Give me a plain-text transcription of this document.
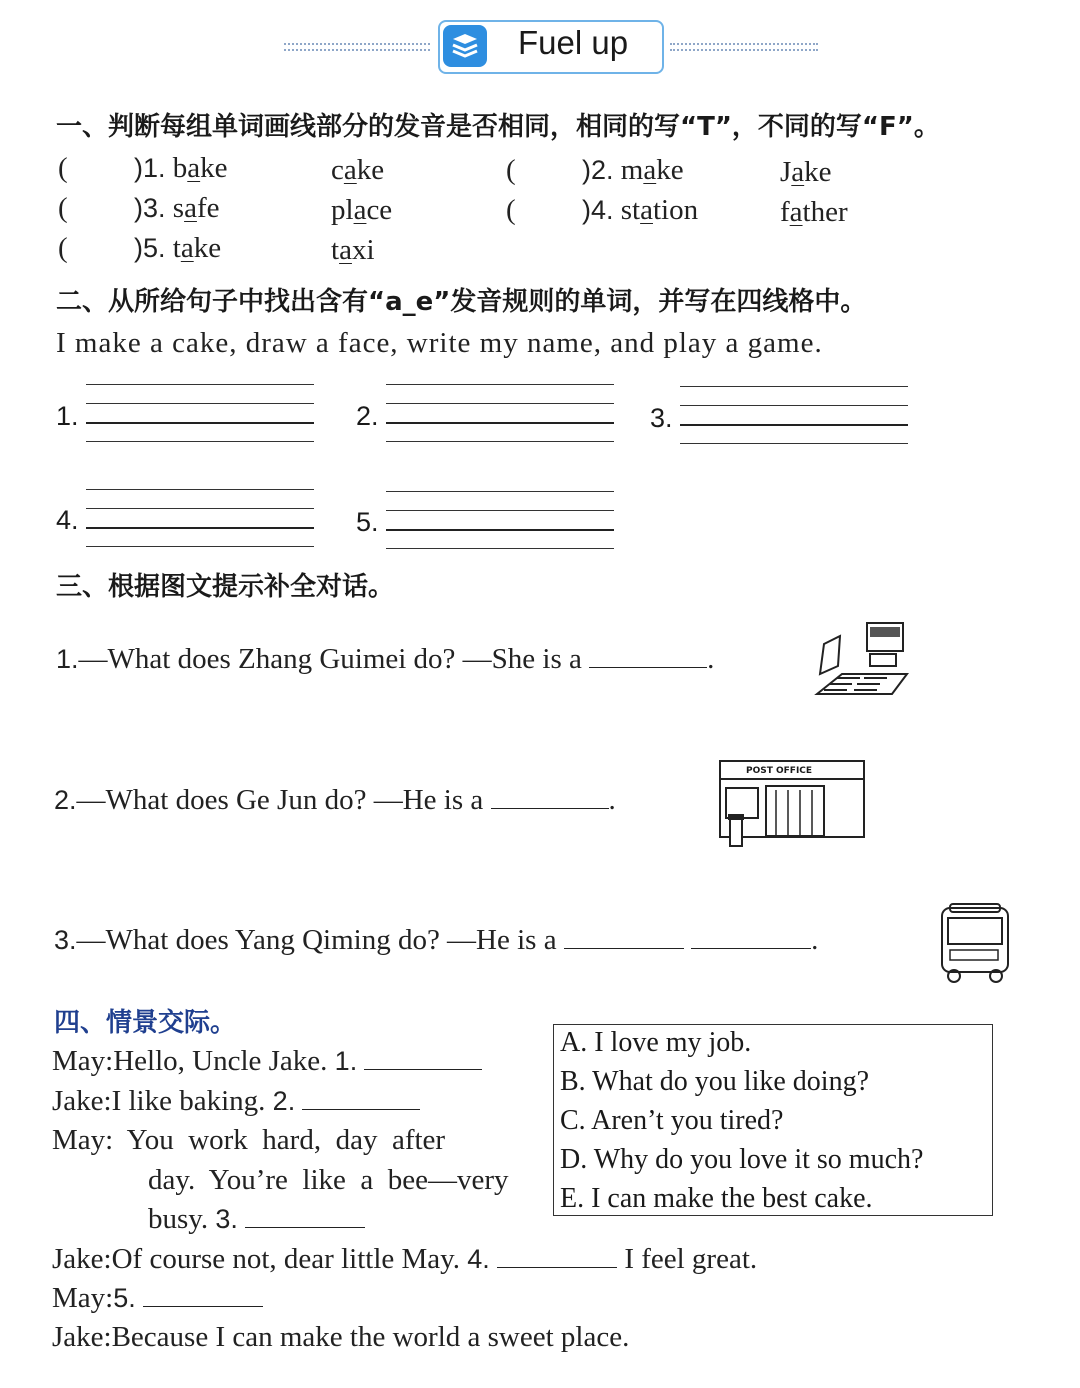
Fuel up
一、判断每组单词画线部分的发音是否相同，相同的写“T”，不同的写“F”。
( )1. bake	cake	( )2. make	Jake
( )3. safe	place	( )4. station	father
( )5. take	taxi
二、从所给句子中找出含有“a_e”发音规则的单词，并写在四线格中。
I make a cake, draw a face, write my name, and play a game.
1.	2.	3.
4.	5.
三、根据图文提示补全对话。
1.—What does Zhang Guimei do? —She is a	.
2.—What does Ge Jun do? —He is a	.
POST OFFICE
3.—What does Yang Qiming do? —He is a	.
四、情景交际。
A. I love my job.
B. What do you like doing?
C. Aren’t you tired?
D. Why do you love it so much?
E. I can make the best cake.
May:Hello, Uncle Jake. 1.
Jake:I like baking. 2.
May: You  work  hard,  day  after
day.  You’re  like  a  bee—very
busy. 3.
Jake:Of course not, dear little May. 4.	I feel great.
May:5.
Jake:Because I can make the world a sweet place.
